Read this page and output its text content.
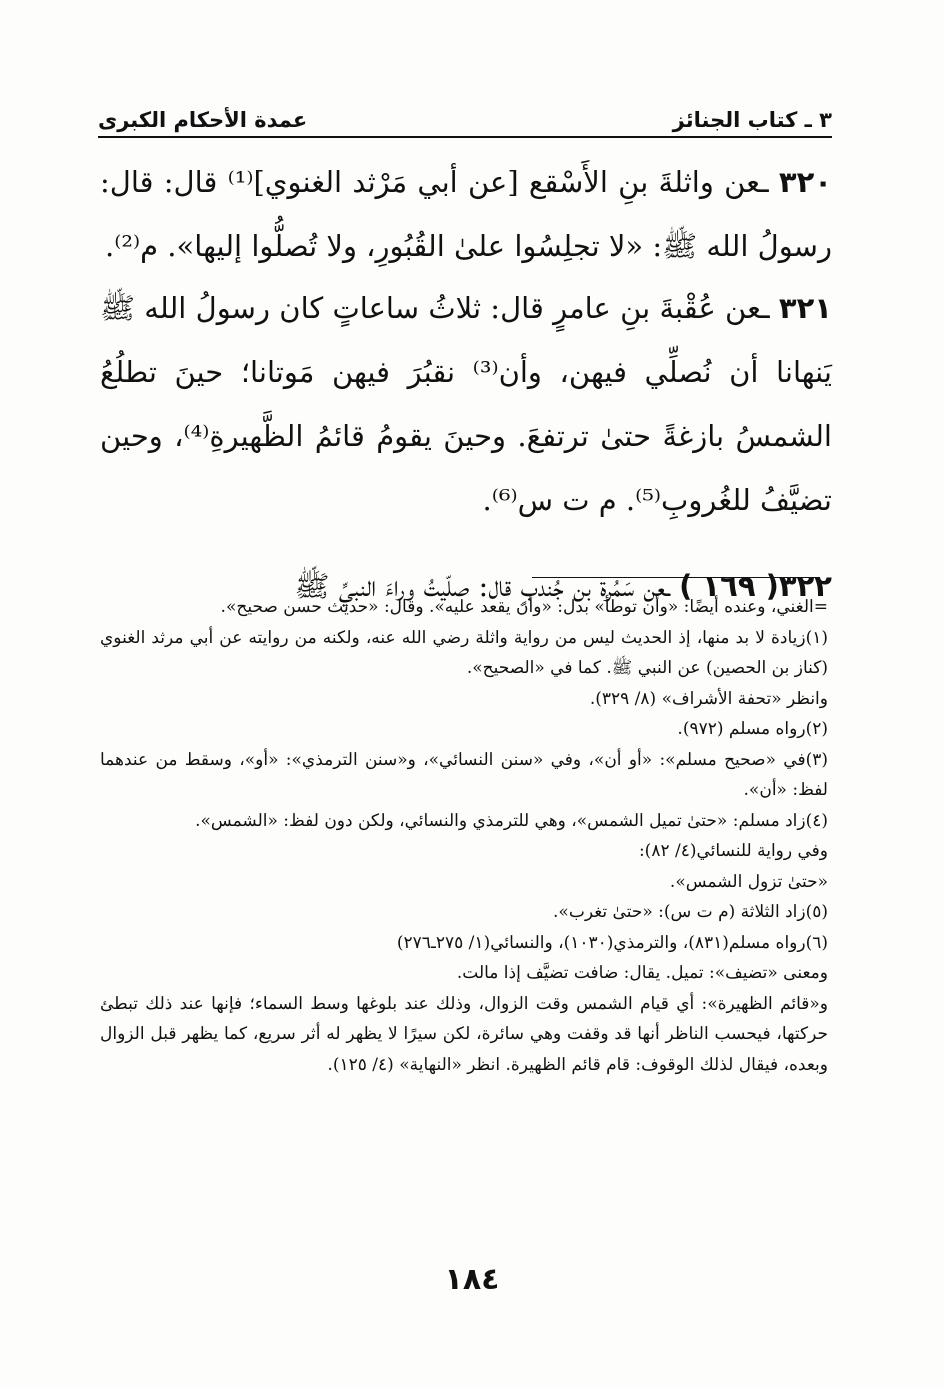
٣ ـ كتاب الجنائز
عمدة الأحكام الكبرى

٣٢٠ ـعن واثلةَ بنِ الأَسْقع [عن أبي مَرْثد الغنوي]⁽¹⁾ قال: قال: رسولُ الله ﷺ: «لا تجلِسُوا علىٰ القُبُورِ، ولا تُصلُّوا إليها». م⁽²⁾.

٣٢١ ـعن عُقْبةَ بنِ عامرٍ قال: ثلاثُ ساعاتٍ كان رسولُ الله ﷺ يَنهانا أن نُصلِّي فيهن، وأن⁽³⁾ نقبُرَ فيهن مَوتانا؛ حينَ تطلُعُ الشمسُ بازغةً حتىٰ ترتفعَ. وحينَ يقومُ قائمُ الظَّهيرةِ⁽⁴⁾، وحين تضيَّفُ للغُروبِ⁽⁵⁾. م ت س⁽⁶⁾.

٣٢٢( ١٦٩ ) ـعن سَمُرة بن جُندبٍ قال: صلّيتُ وراءَ النبيِّ ﷺ

=الغني، وعنده أيضًا: «وأن توطأ» بدل: «وأن يقعد عليه». وقال: «حديث حسن صحيح».

(١)زيادة لا بد منها، إذ الحديث ليس من رواية واثلة رضي الله عنه، ولكنه من روايته عن أبي مرثد الغنوي (كناز بن الحصين) عن النبي ﷺ. كما في «الصحيح».

وانظر «تحفة الأشراف» (٨/ ٣٢٩).

(٢)رواه مسلم (٩٧٢).

(٣)في «صحيح مسلم»: «أو أن»، وفي «سنن النسائي»، و«سنن الترمذي»: «أو»، وسقط من عندهما لفظ: «أن».

(٤)زاد مسلم: «حتىٰ تميل الشمس»، وهي للترمذي والنسائي، ولكن دون لفظ: «الشمس».

وفي رواية للنسائي(٤/ ٨٢):

«حتىٰ تزول الشمس».

(٥)زاد الثلاثة (م ت س): «حتىٰ تغرب».

(٦)رواه مسلم(٨٣١)، والترمذي(١٠٣٠)، والنسائي(١/ ٢٧٥ـ٢٧٦)

ومعنى «تضيف»: تميل. يقال: ضافت تضيَّف إذا مالت.

و«قائم الظهيرة»: أي قيام الشمس وقت الزوال، وذلك عند بلوغها وسط السماء؛ فإنها عند ذلك تبطئ حركتها، فيحسب الناظر أنها قد وقفت وهي سائرة، لكن سيرًا لا يظهر له أثر سريع، كما يظهر قبل الزوال وبعده، فيقال لذلك الوقوف: قام قائم الظهيرة. انظر «النهاية» (٤/ ١٢٥).

١٨٤
